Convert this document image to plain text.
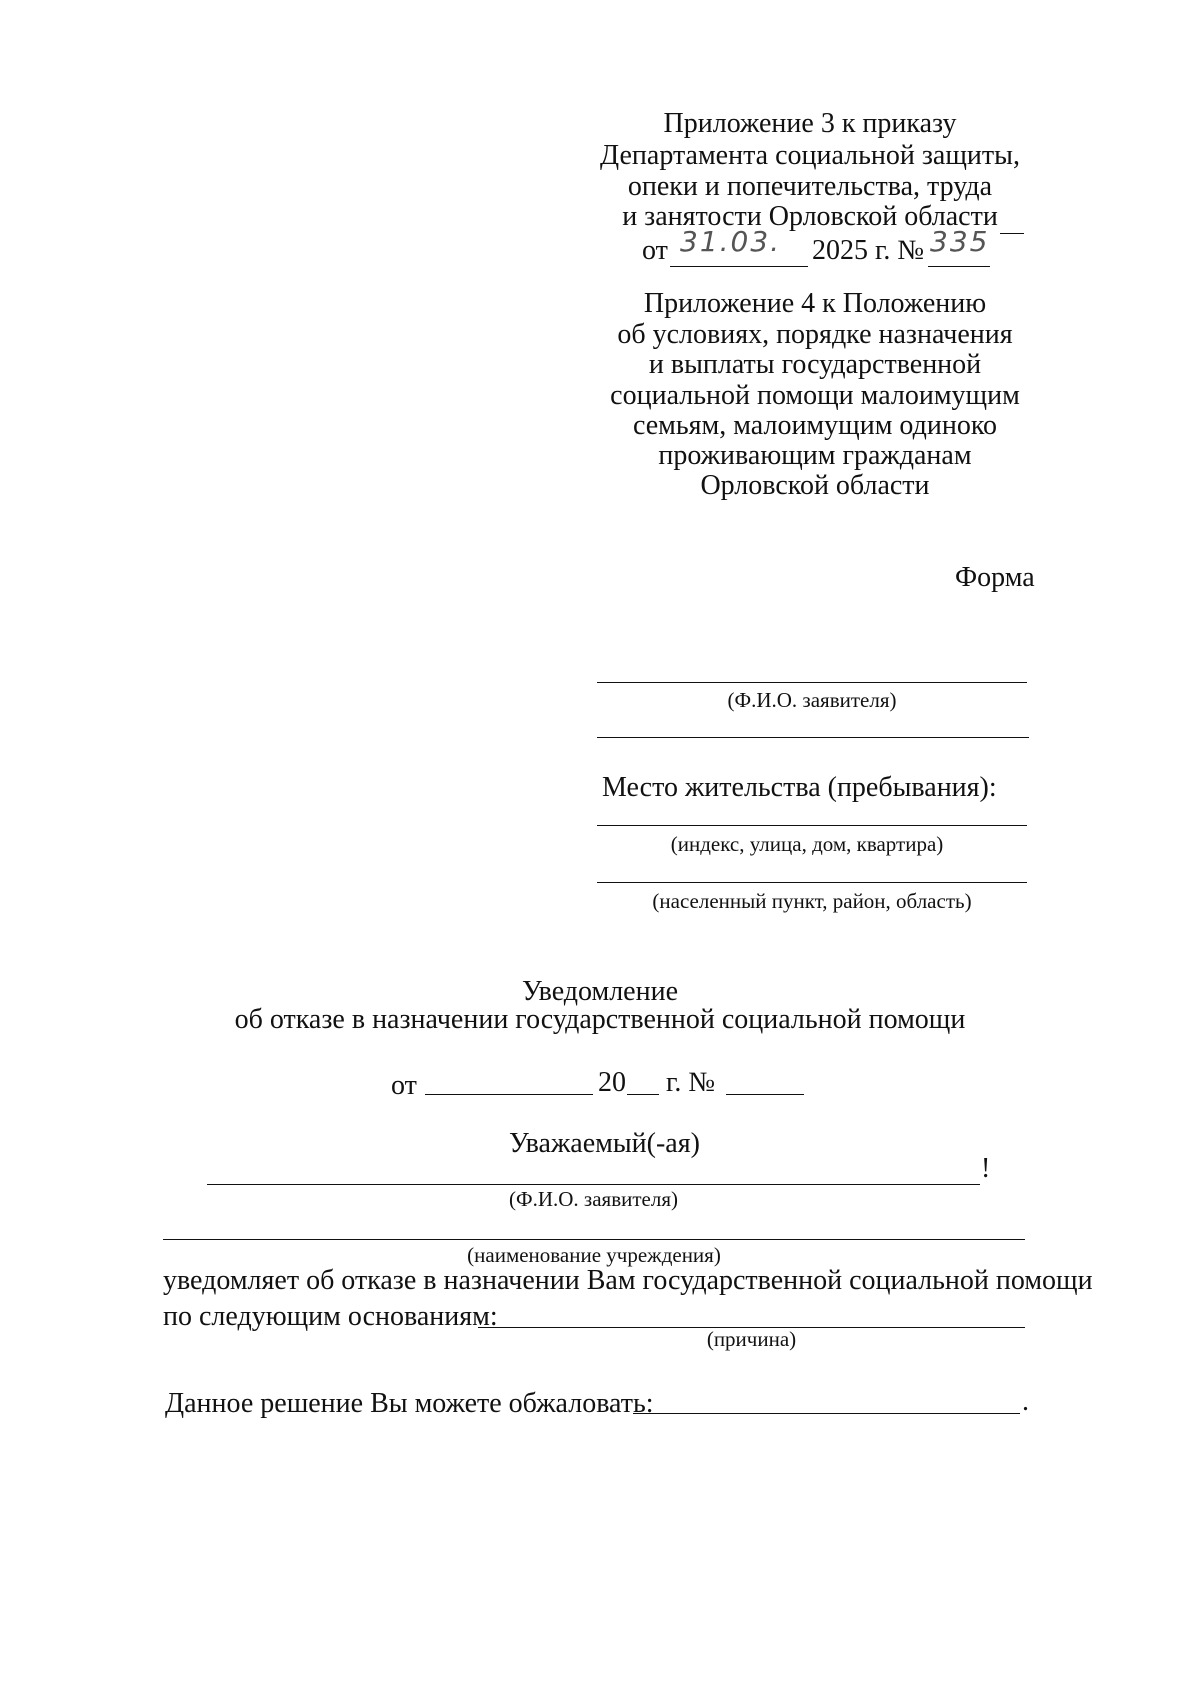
Приложение 3 к приказу
Департамента социальной защиты,
опеки и попечительства, труда
и занятости Орловской области
от 31.03. 2025 г. № 335
Приложение 4 к Положению
об условиях, порядке назначения
и выплаты государственной
социальной помощи малоимущим
семьям, малоимущим одиноко
проживающим гражданам
Орловской области
Форма
(Ф.И.О. заявителя)
Место жительства (пребывания):
(индекс, улица, дом, квартира)
(населенный пункт, район, область)
Уведомление
об отказе в назначении государственной социальной помощи
от	20 г. №
Уважаемый(-ая)
!
(Ф.И.О. заявителя)
(наименование учреждения)
уведомляет об отказе в назначении Вам государственной социальной помощи
по следующим основаниям:
(причина)
Данное решение Вы можете обжаловать:	.
